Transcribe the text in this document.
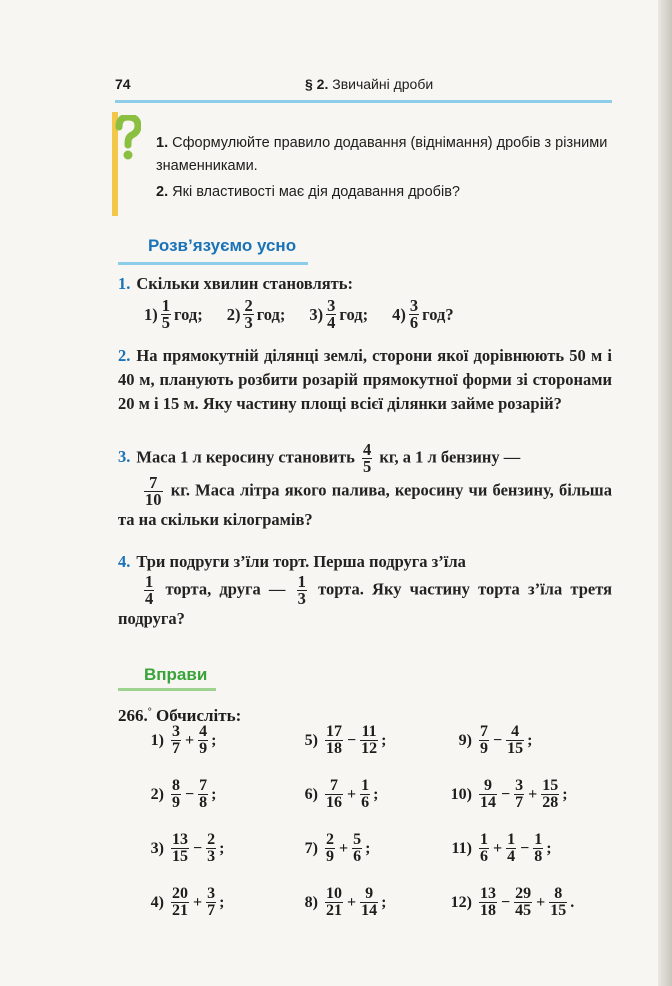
74	§ 2. Звичайні дроби
1. Сформулюйте правило додавання (віднімання) дробів з різними знаменниками.
2. Які властивості має дія додавання дробів?
Розв’язуємо усно
1. Скільки хвилин становлять:
$1) \frac{1}{5}$ год; $2) \frac{2}{3}$ год; $3) \frac{3}{4}$ год; $4) \frac{3}{6}$ год?
2. На прямокутній ділянці землі, сторони якої дорівнюють 50 м і 40 м, планують розбити розарій прямокутної форми зі сторонами 20 м і 15 м. Яку частину площі всієї ділянки займе розарій?
3. Маса 1 л керосину становить $\frac{4}{5}$ кг, а 1 л бензину —

$\frac{7}{10}$ кг. Маса літра якого палива, керосину чи бензину, більша та на скільки кілограмів?
4. Три подруги з’їли торт. Перша подруга з’їла

$\frac{1}{4}$ торта, друга — $\frac{1}{3}$ торта. Яку частину торта з’їла третя подруга?
Вправи
266.° Обчисліть:
$1) \frac{3}{7} + \frac{4}{9}$ ;
$2) \frac{8}{9} - \frac{7}{8}$ ;
$3) \frac{13}{15} - \frac{2}{3}$ ;
$4) \frac{20}{21} + \frac{3}{7}$ ;
$5) \frac{17}{18} - \frac{11}{12}$ ;
$6) \frac{7}{16} + \frac{1}{6}$ ;
$7) \frac{2}{9} + \frac{5}{6}$ ;
$8) \frac{10}{21} + \frac{9}{14}$ ;
$9) \frac{7}{9} - \frac{4}{15}$ ;
$10) \frac{9}{14} - \frac{3}{7} + \frac{15}{28}$ ;
$11) \frac{1}{6} + \frac{1}{4} - \frac{1}{8}$ ;
$12) \frac{13}{18} - \frac{29}{45} + \frac{8}{15}$ .
